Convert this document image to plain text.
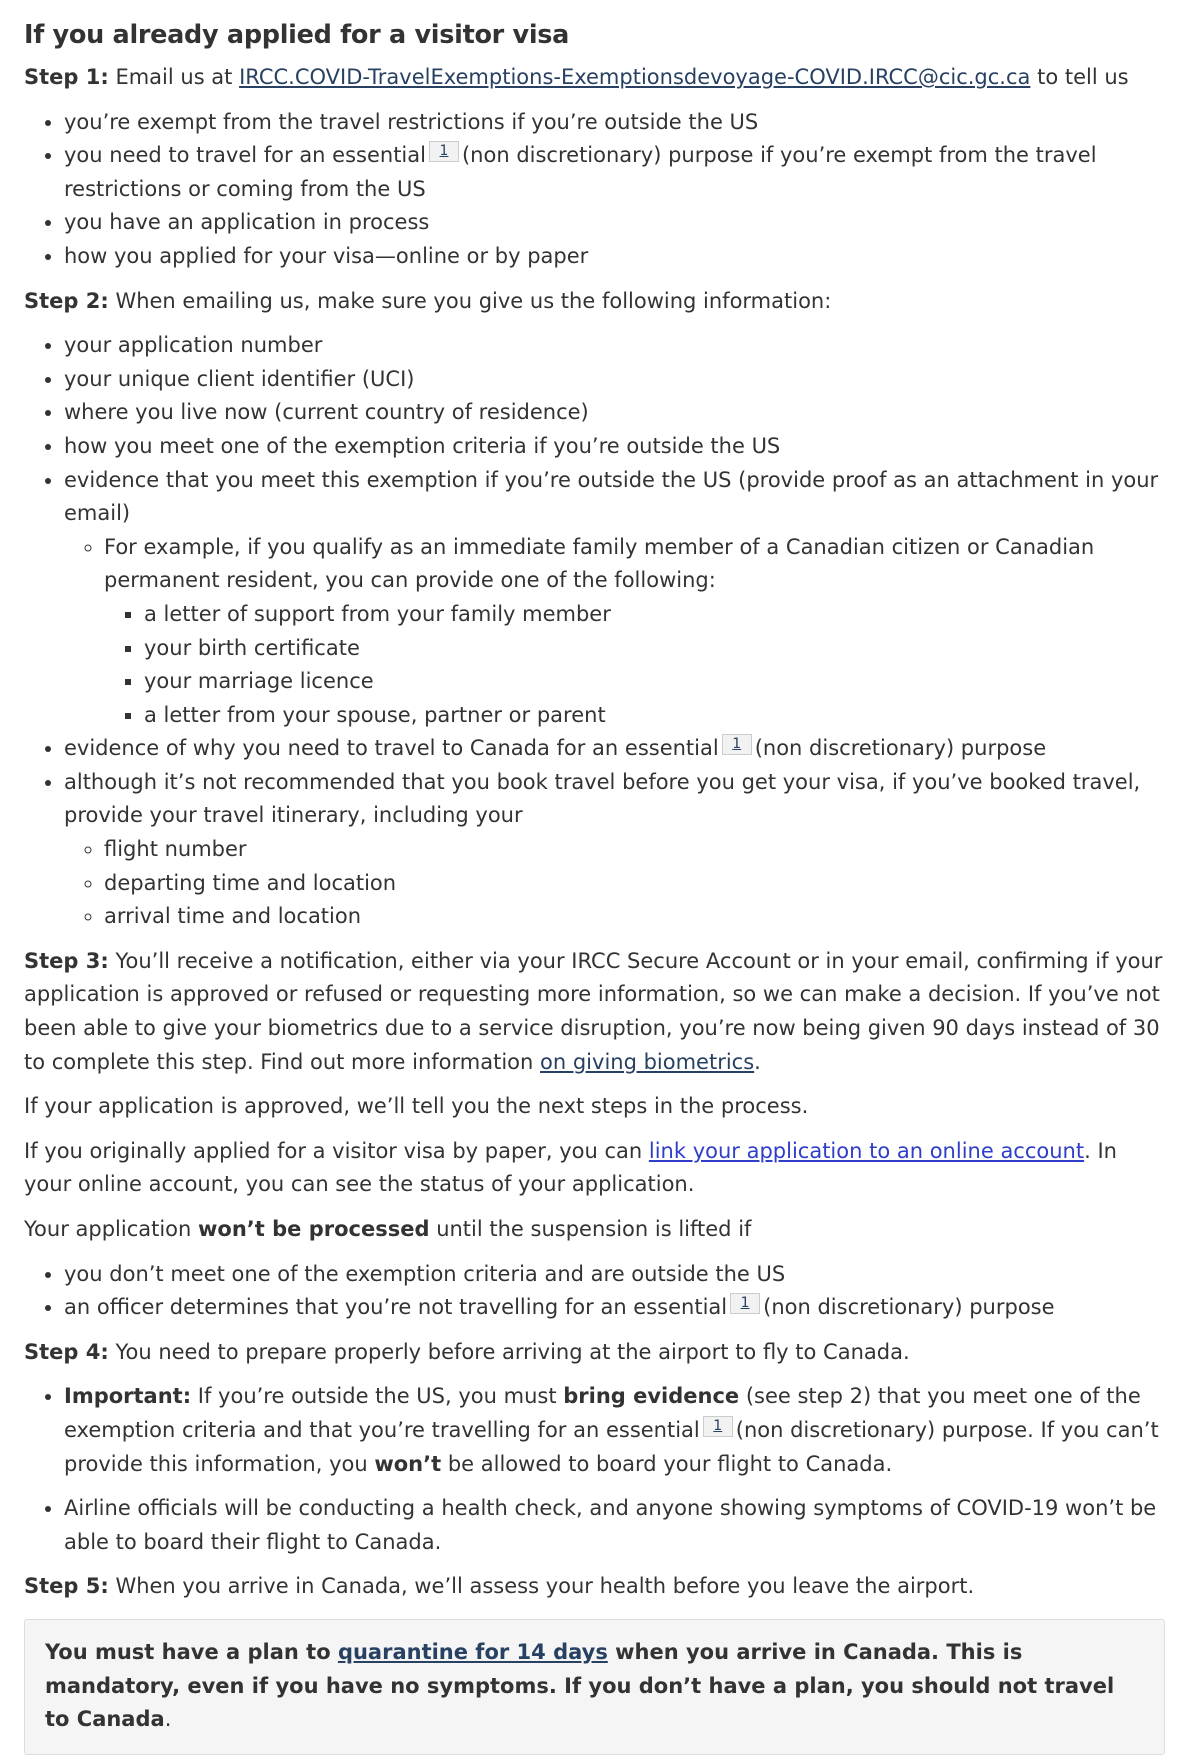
If you already applied for a visitor visa

Step 1: Email us at IRCC.COVID-TravelExemptions-Exemptionsdevoyage-COVID.IRCC@cic.gc.ca to tell us

• you’re exempt from the travel restrictions if you’re outside the US
• you need to travel for an essential 1 (non discretionary) purpose if you’re exempt from the travel restrictions or coming from the US
• you have an application in process
• how you applied for your visa—online or by paper

Step 2: When emailing us, make sure you give us the following information:

• your application number
• your unique client identifier (UCI)
• where you live now (current country of residence)
• how you meet one of the exemption criteria if you’re outside the US
• evidence that you meet this exemption if you’re outside the US (provide proof as an attachment in your email)
◦ For example, if you qualify as an immediate family member of a Canadian citizen or Canadian permanent resident, you can provide one of the following:
▪ a letter of support from your family member
▪ your birth certificate
▪ your marriage licence
▪ a letter from your spouse, partner or parent
• evidence of why you need to travel to Canada for an essential 1 (non discretionary) purpose
• although it’s not recommended that you book travel before you get your visa, if you’ve booked travel, provide your travel itinerary, including your
◦ flight number
◦ departing time and location
◦ arrival time and location

Step 3: You’ll receive a notification, either via your IRCC Secure Account or in your email, confirming if your application is approved or refused or requesting more information, so we can make a decision. If you’ve not been able to give your biometrics due to a service disruption, you’re now being given 90 days instead of 30 to complete this step. Find out more information on giving biometrics.

If your application is approved, we’ll tell you the next steps in the process.

If you originally applied for a visitor visa by paper, you can link your application to an online account. In your online account, you can see the status of your application.

Your application won’t be processed until the suspension is lifted if

• you don’t meet one of the exemption criteria and are outside the US
• an officer determines that you’re not travelling for an essential 1 (non discretionary) purpose

Step 4: You need to prepare properly before arriving at the airport to fly to Canada.

• Important: If you’re outside the US, you must bring evidence (see step 2) that you meet one of the exemption criteria and that you’re travelling for an essential 1 (non discretionary) purpose. If you can’t provide this information, you won’t be allowed to board your flight to Canada.
• Airline officials will be conducting a health check, and anyone showing symptoms of COVID-19 won’t be able to board their flight to Canada.

Step 5: When you arrive in Canada, we’ll assess your health before you leave the airport.

You must have a plan to quarantine for 14 days when you arrive in Canada. This is mandatory, even if you have no symptoms. If you don’t have a plan, you should not travel to Canada.
